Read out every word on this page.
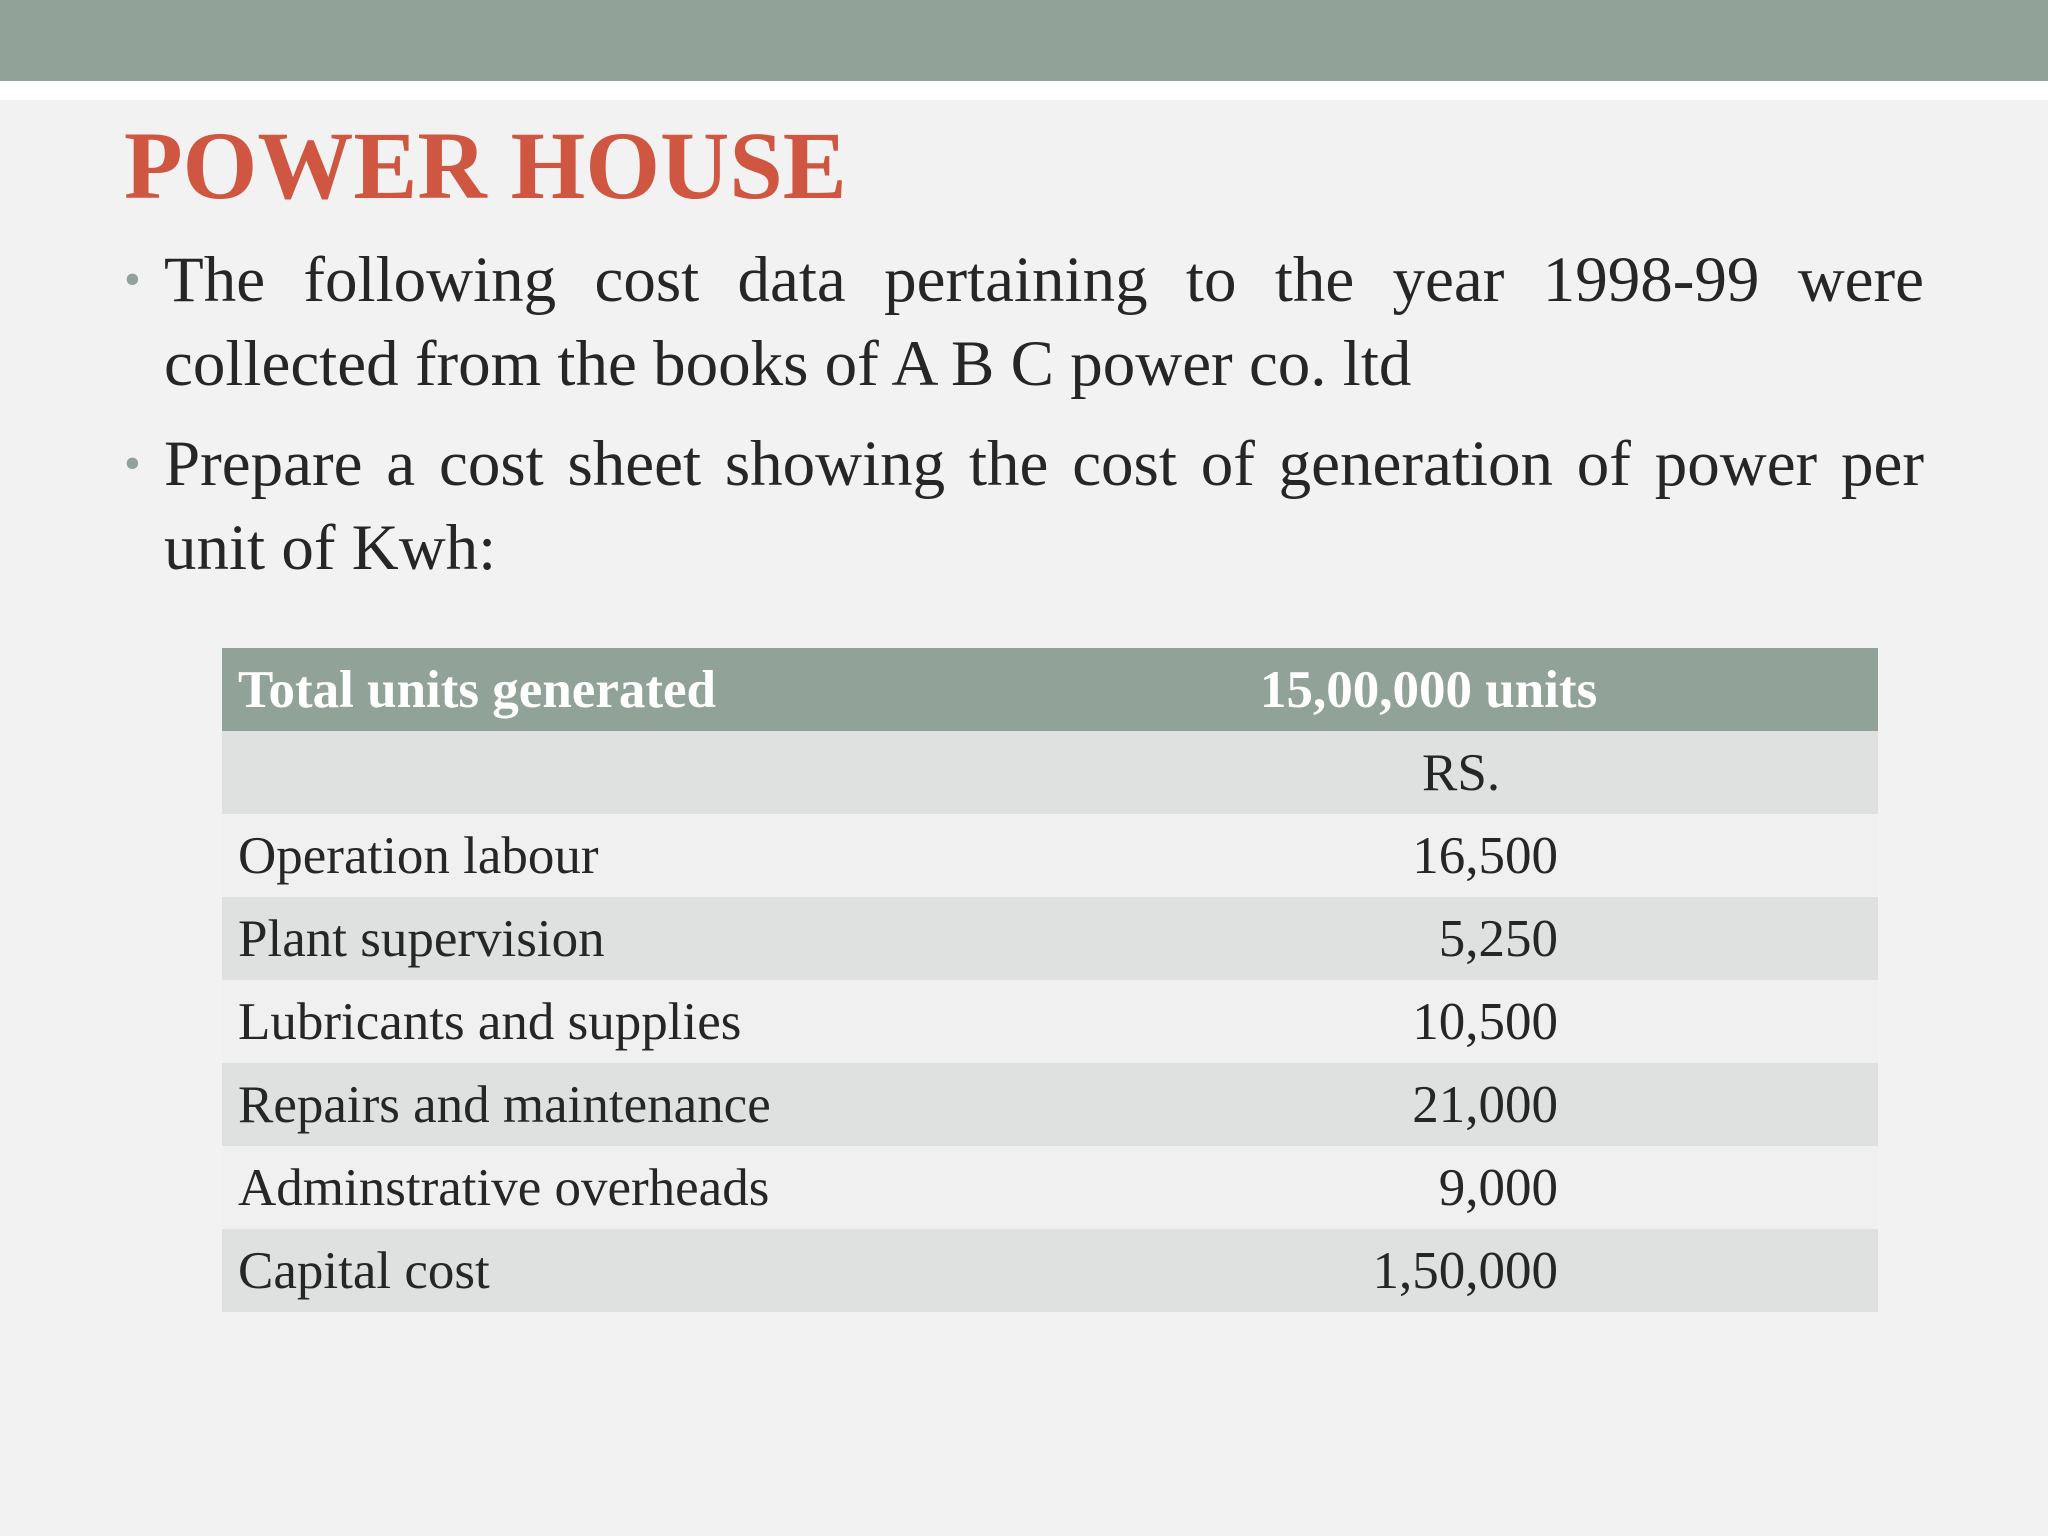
POWER HOUSE
• The following cost data pertaining to the year 1998-99 were collected from the books of A B C power co. ltd
• Prepare a cost sheet showing the cost of generation of power per unit of Kwh:
Total units generated	15,00,000 units
	RS.
Operation labour	16,500
Plant supervision	5,250
Lubricants and supplies	10,500
Repairs and maintenance	21,000
Adminstrative overheads	9,000
Capital cost	1,50,000
